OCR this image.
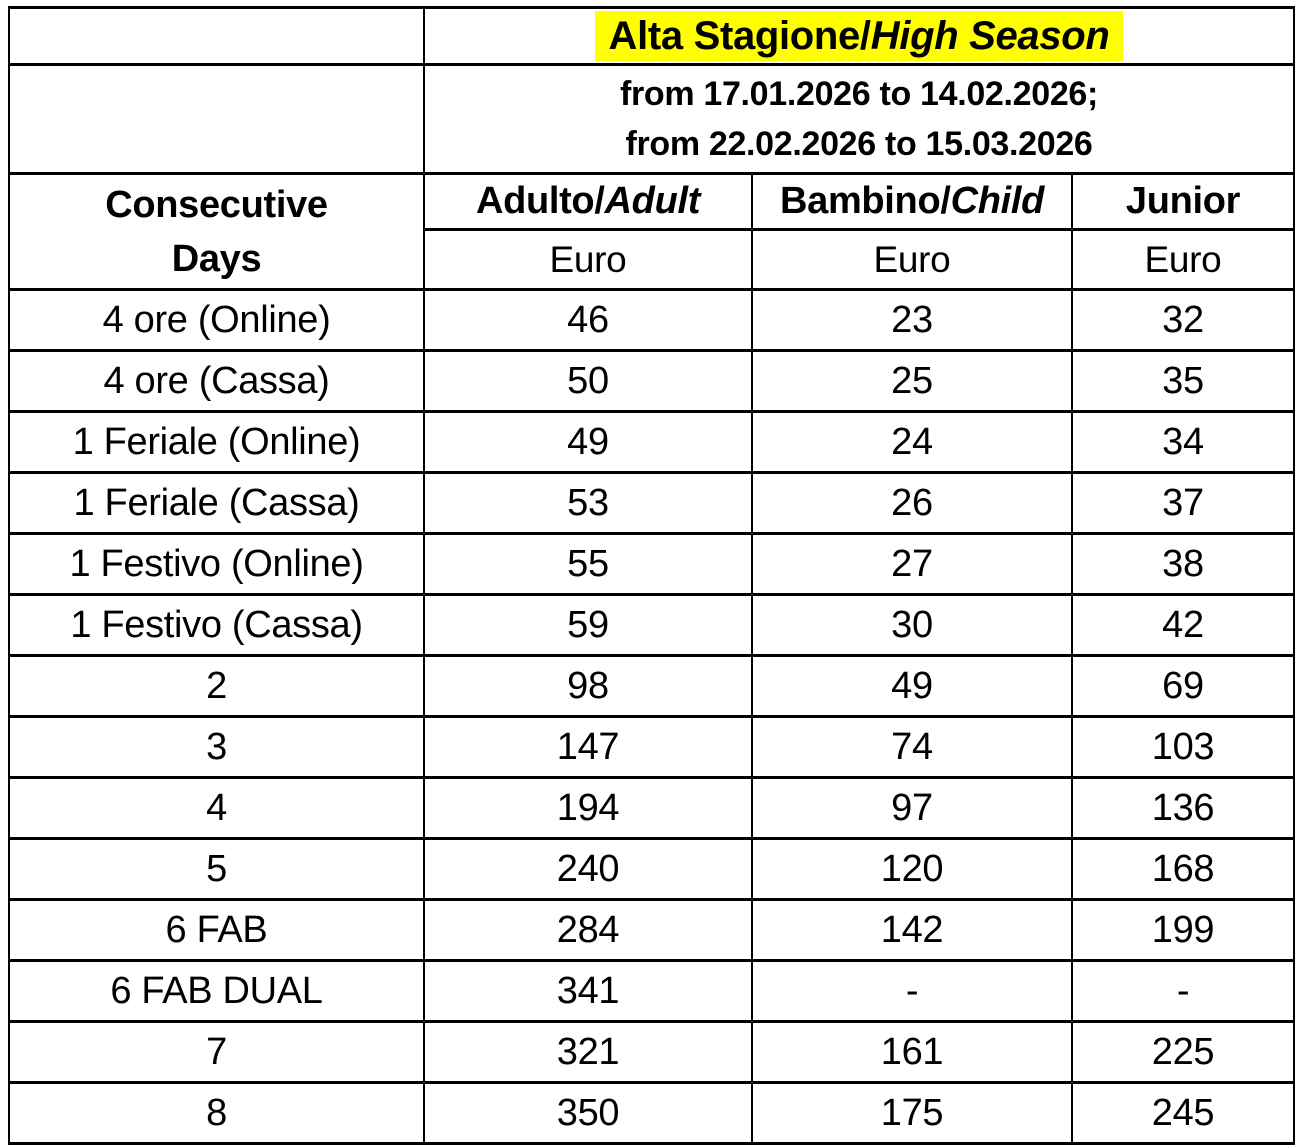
	Alta Stagione/High Season		

	from 17.01.2026 to 14.02.2026;
from 22.02.2026 to 15.03.2026		

Consecutive
Days	Adulto/Adult	Bambino/Child	Junior
	Euro	Euro	Euro
4 ore (Online)	46	23	32
4 ore (Cassa)	50	25	35
1 Feriale (Online)	49	24	34
1 Feriale (Cassa)	53	26	37
1 Festivo (Online)	55	27	38
1 Festivo (Cassa)	59	30	42
2	98	49	69
3	147	74	103
4	194	97	136
5	240	120	168
6 FAB	284	142	199
6 FAB DUAL	341	-	-
7	321	161	225
8	350	175	245
